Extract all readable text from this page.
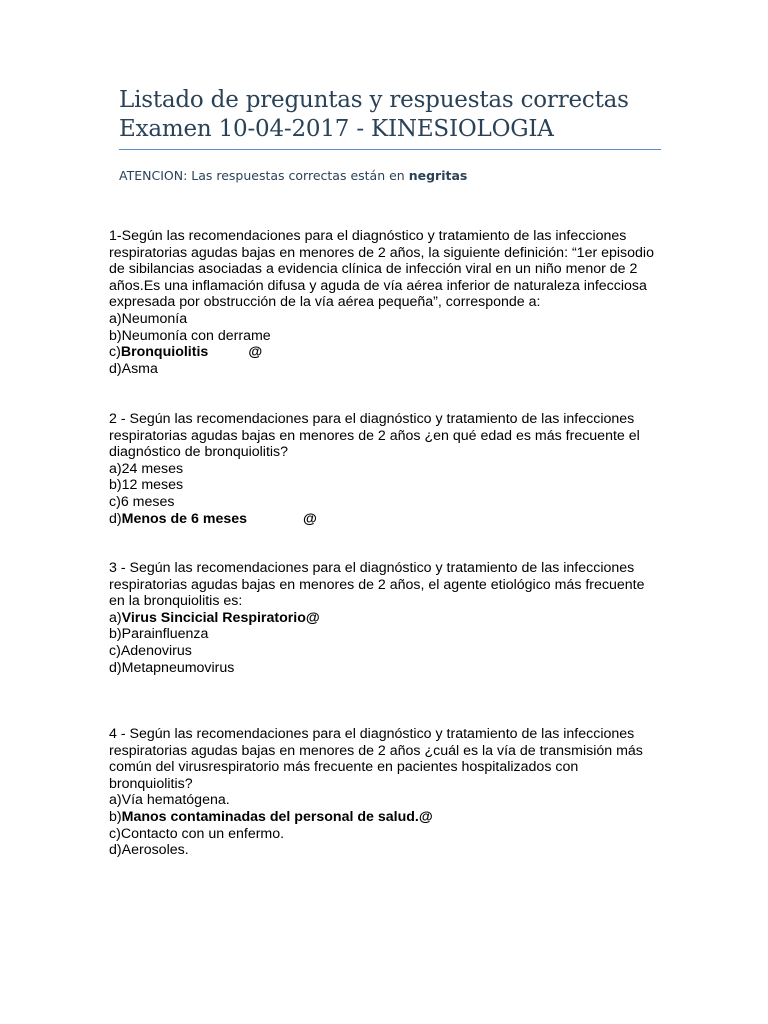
Listado de preguntas y respuestas correctas
Examen 10-04-2017 - KINESIOLOGIA
ATENCION: Las respuestas correctas están en negritas
1-Según las recomendaciones para el diagnóstico y tratamiento de las infecciones
respiratorias agudas bajas en menores de 2 años, la siguiente definición: “1er episodio
de sibilancias asociadas a evidencia clínica de infección viral en un niño menor de 2
años.Es una inflamación difusa y aguda de vía aérea inferior de naturaleza infecciosa
expresada por obstrucción de la vía aérea pequeña”, corresponde a:
a)Neumonía
b)Neumonía con derrame
c)Bronquiolitis	@
d)Asma
2 - Según las recomendaciones para el diagnóstico y tratamiento de las infecciones
respiratorias agudas bajas en menores de 2 años ¿en qué edad es más frecuente el
diagnóstico de bronquiolitis?
a)24 meses
b)12 meses
c)6 meses
d)Menos de 6 meses	@
3 - Según las recomendaciones para el diagnóstico y tratamiento de las infecciones
respiratorias agudas bajas en menores de 2 años, el agente etiológico más frecuente
en la bronquiolitis es:
a)Virus Sincicial Respiratorio@
b)Parainfluenza
c)Adenovirus
d)Metapneumovirus
4 - Según las recomendaciones para el diagnóstico y tratamiento de las infecciones
respiratorias agudas bajas en menores de 2 años ¿cuál es la vía de transmisión más
común del virusrespiratorio más frecuente en pacientes hospitalizados con
bronquiolitis?
a)Vía hematógena.
b)Manos contaminadas del personal de salud.@
c)Contacto con un enfermo.
d)Aerosoles.
